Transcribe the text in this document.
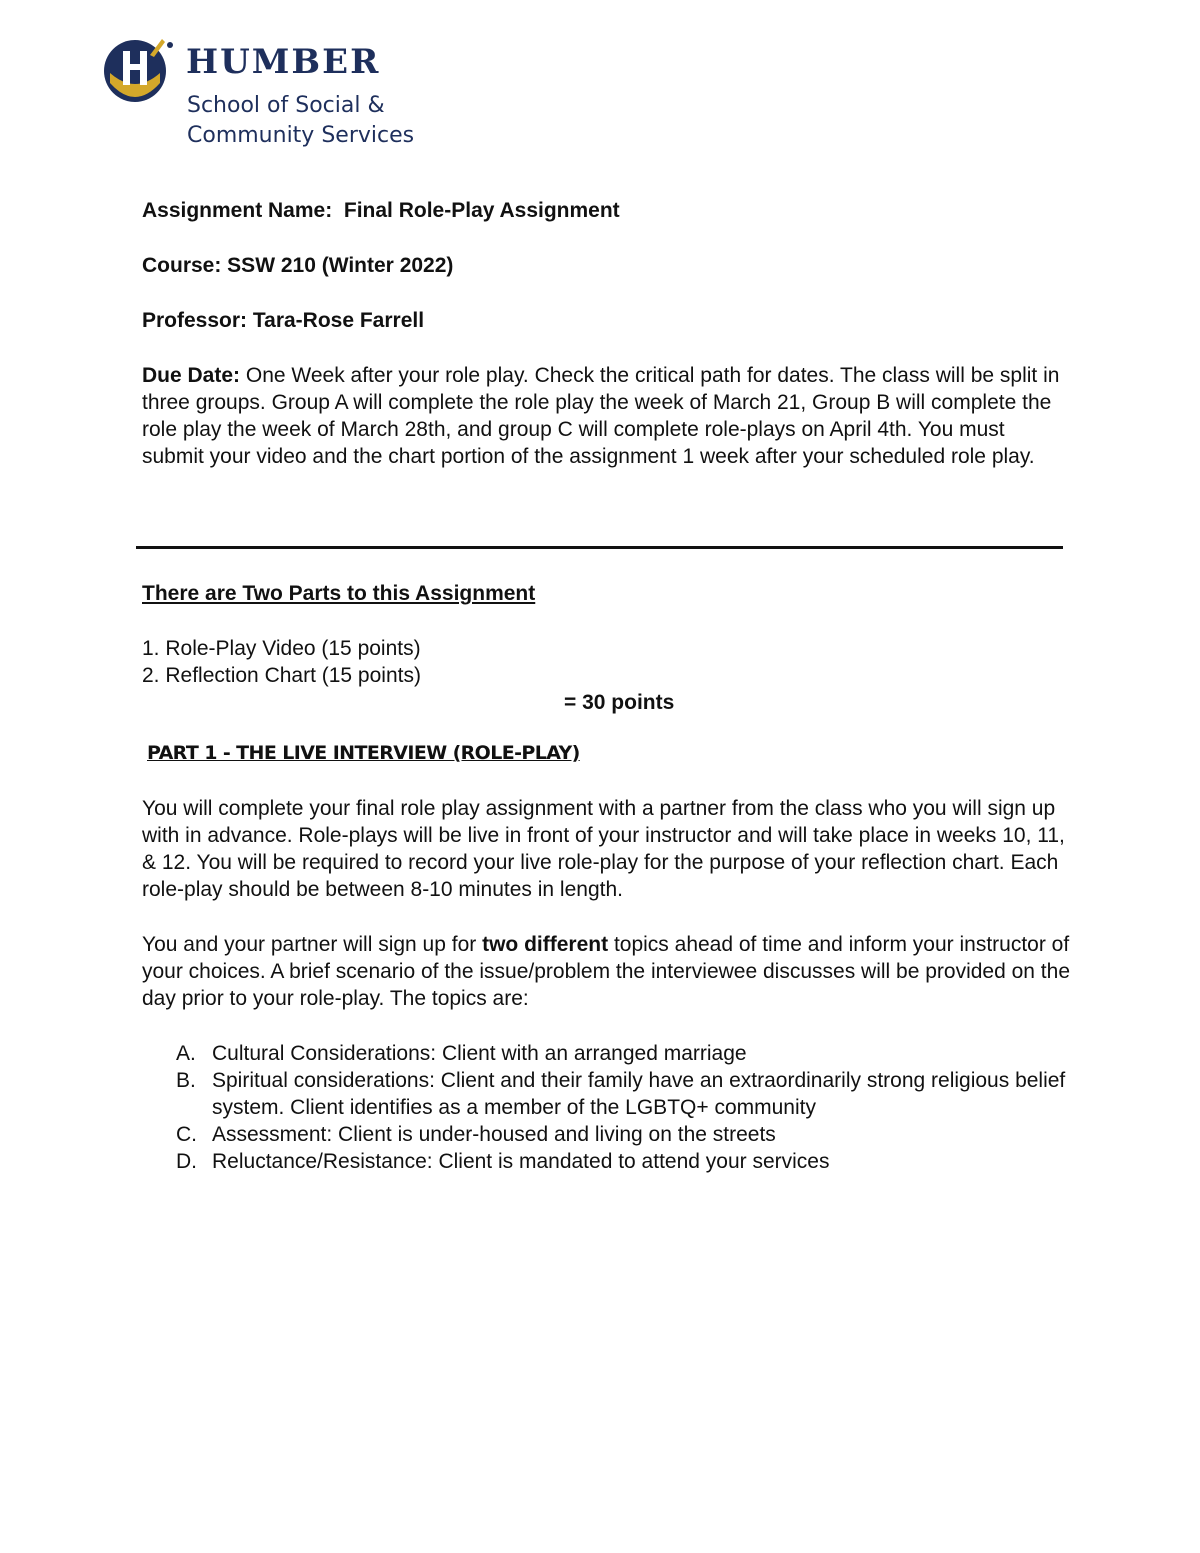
HUMBER
School of Social &
Community Services

Assignment Name: Final Role-Play Assignment

Course: SSW 210 (Winter 2022)

Professor: Tara-Rose Farrell

Due Date: One Week after your role play. Check the critical path for dates. The class will be split in three groups. Group A will complete the role play the week of March 21, Group B will complete the role play the week of March 28th, and group C will complete role-plays on April 4th. You must submit your video and the chart portion of the assignment 1 week after your scheduled role play.

There are Two Parts to this Assignment

1. Role-Play Video (15 points)

2. Reflection Chart (15 points)

= 30 points

PART 1 - THE LIVE INTERVIEW (ROLE-PLAY)

You will complete your final role play assignment with a partner from the class who you will sign up with in advance. Role-plays will be live in front of your instructor and will take place in weeks 10, 11, & 12. You will be required to record your live role-play for the purpose of your reflection chart. Each role-play should be between 8-10 minutes in length.

You and your partner will sign up for two different topics ahead of time and inform your instructor of your choices. A brief scenario of the issue/problem the interviewee discusses will be provided on the day prior to your role-play. The topics are:

A. Cultural Considerations: Client with an arranged marriage
B. Spiritual considerations: Client and their family have an extraordinarily strong religious belief system. Client identifies as a member of the LGBTQ+ community
C. Assessment: Client is under-housed and living on the streets
D. Reluctance/Resistance: Client is mandated to attend your services
